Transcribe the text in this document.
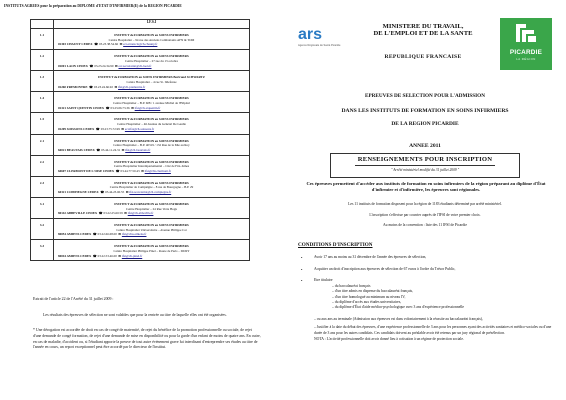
INSTITUTS AGREES pour la préparation au DIPLOME d'ETAT D'INFIRMIER(E) de la REGION PICARDIE
	I.F.S.I
1-1	INSTITUT de FORMATION en SOINS INFIRMIERS
Centre Hospitalier – 94 rue des Anciens Combattants AFN & TOM
02303 CHAUNY CEDEX ☎ 03.23.38.54.66 ✉ ecr.etranscit@ch-chauny.fr

1-2	INSTITUT de FORMATION en SOINS INFIRMIERS
Centre Hospitalier – 27 rue du 13 octobre
02001 LAON CEDEX ☎ 03.23.24.34.90 ✉ ecr.secretariat@ch-laon.fr

1-3	INSTITUT de FORMATION en SOINS INFIRMIERS Bertrand SCHWARTZ
Centre Hospitalier – 4 rue St. Ildefonse
02260 FREMONTRE ☎ 03.23.24.66.92 ✉ ifsi@ch-premontre.fr

1-4	INSTITUT de FORMATION en SOINS INFIRMIERS
Centre Hospitalier – B.P. 608 / 1 avenue Michel de l'Hôpital
02321 SAINT QUENTIN CEDEX ☎ 03.23.06.73.36 ✉ ifsi@ch-stquentin.fr

1-5	INSTITUT de FORMATION en SOINS INFIRMIERS
Centre Hospitalier – 46 Avenue du Général De Gaulle
02209 SOISSONS CEDEX ☎ 03.23.75.72.99 ✉ ecr.ifsi@ch-soissons.fr

2-1	INSTITUT de FORMATION en SOINS INFIRMIERS
Centre Hospitalier – B.P. 40319 / 132 Rue de la Mie au Roy
60021 BEAUVAIS CEDEX ☎ 03.44.11.24.31 ✉ ifsi@ch-beauvais.fr

2-2	INSTITUT de FORMATION en SOINS INFIRMIERS
Centre Hospitalier Interdépartemental – Cité de Fitz-James
60607 CLERMONT DE L'OISE CEDEX ☎ 03.44.77.50.43 ✉ ifsi@chi-clermont.fr

2-3	INSTITUT de FORMATION en SOINS INFIRMIERS
Centre Hospitalier de Compiègne – 8 rue de Bourgogne – B.P. 29
60321 COMPIEGNE CEDEX ☎ 03.44.23.60.55 ✉ ifsi.secretariat@ch-compiegne.fr

3-1	INSTITUT de FORMATION en SOINS INFIRMIERS
Centre Hospitalier – 24 Rue Verte Hogu
80142 ABBEVILLE CEDEX ☎ 03.22.25.60.59 ✉ ifsi@ch-abbeville.fr

3-2	INSTITUT de FORMATION en SOINS INFIRMIERS
Centre Hospitalier Universitaire – Avenue Philippe Cat
80054 AMIENS CEDEX ☎ 03.22.66.68.00 ✉ ifsi@chu-amiens.fr

3-3	INSTITUT de FORMATION en SOINS INFIRMIERS
Centre Hospitalier Philippe Pinel – Route de Paris – DURY
80044 AMIENS CEDEX ☎ 03.22.53.46.00 ✉ ifsi@ch-pinel.fr
Extrait de l'article 22 de l'Arrêté du 31 juillet 2009 :
Les résultats des épreuves de sélection ne sont valables que pour la rentrée au titre de laquelle elles ont été organisées.
* Une dérogation est accordée de droit en cas de congé de maternité, de rejet du bénéfice de la promotion professionnelle ou sociale, de rejet d'une demande de congé formation, de rejet d'une demande de mise en disponibilité ou pour la garde d'un enfant de moins de quatre ans. En outre, en cas de maladie, d'accident ou, si l'étudiant apporte la preuve de tout autre événement grave lui interdisant d'entreprendre ses études au titre de l'année en cours, un report exceptionnel peut être accordé par le directeur de l'institut.
ars
Agence Régionale de Santé Picardie
MINISTERE DU TRAVAIL,
DE L'EMPLOI ET DE LA SANTE
REPUBLIQUE FRANCAISE
PICARDIE
LA RÉGION
EPREUVES DE SELECTION POUR L'ADMISSION
DANS LES INSTITUTS DE FORMATION EN SOINS INFIRMIERS
DE LA REGION PICARDIE
ANNEE 2011
RENSEIGNEMENTS POUR INSCRIPTION
" Arrêté ministériel modifié du 31 juillet 2009 "
Ces épreuves permettent d'accéder aux instituts de formation en soins infirmiers de la région préparant au diplôme d'État d'infirmier et d'infirmière, les épreuves sont régionales.
Les 11 instituts de formation disposent pour la région de 1183 étudiants déterminé par arrêté ministériel.
L'inscription s'effectue par courrier auprès de l'IFSI de votre premier choix.
Au moins de la convention : liste des 11 IFSI de Picardie
CONDITIONS D'INSCRIPTION
•	Avoir 17 ans au moins au 31 décembre de l'année des épreuves de sélection,
•	Acquitter un droit d'inscription aux épreuves de sélection de 67 euros à l'ordre du Trésor Public,
•	Etre titulaire
– du baccalauréat français
– d'un titre admis en dispense du baccalauréat français,
– d'un titre homologué au minimum au niveau IV,
– du diplôme d'accès aux études universitaires,
– du diplôme d'État d'aide médico-psychologique avec 3 ans d'expérience professionnelle
– ou aux ans au terminale (Admission aux épreuves est dans volontairement à la réussite au baccalauréat français),
– Justifier à la date du début des épreuves, d'une expérience professionnelle de 3 ans pour les personnes ayant des activités sanitaires et médico-sociales ou d'une durée de 3 ans pour les autres candidats. Ces candidats doivent au préalable avoir été retenus par un jury régional de présélection.
NOTA : L'activité professionnelle doit avoir donné lieu à cotisation à un régime de protection sociale.
